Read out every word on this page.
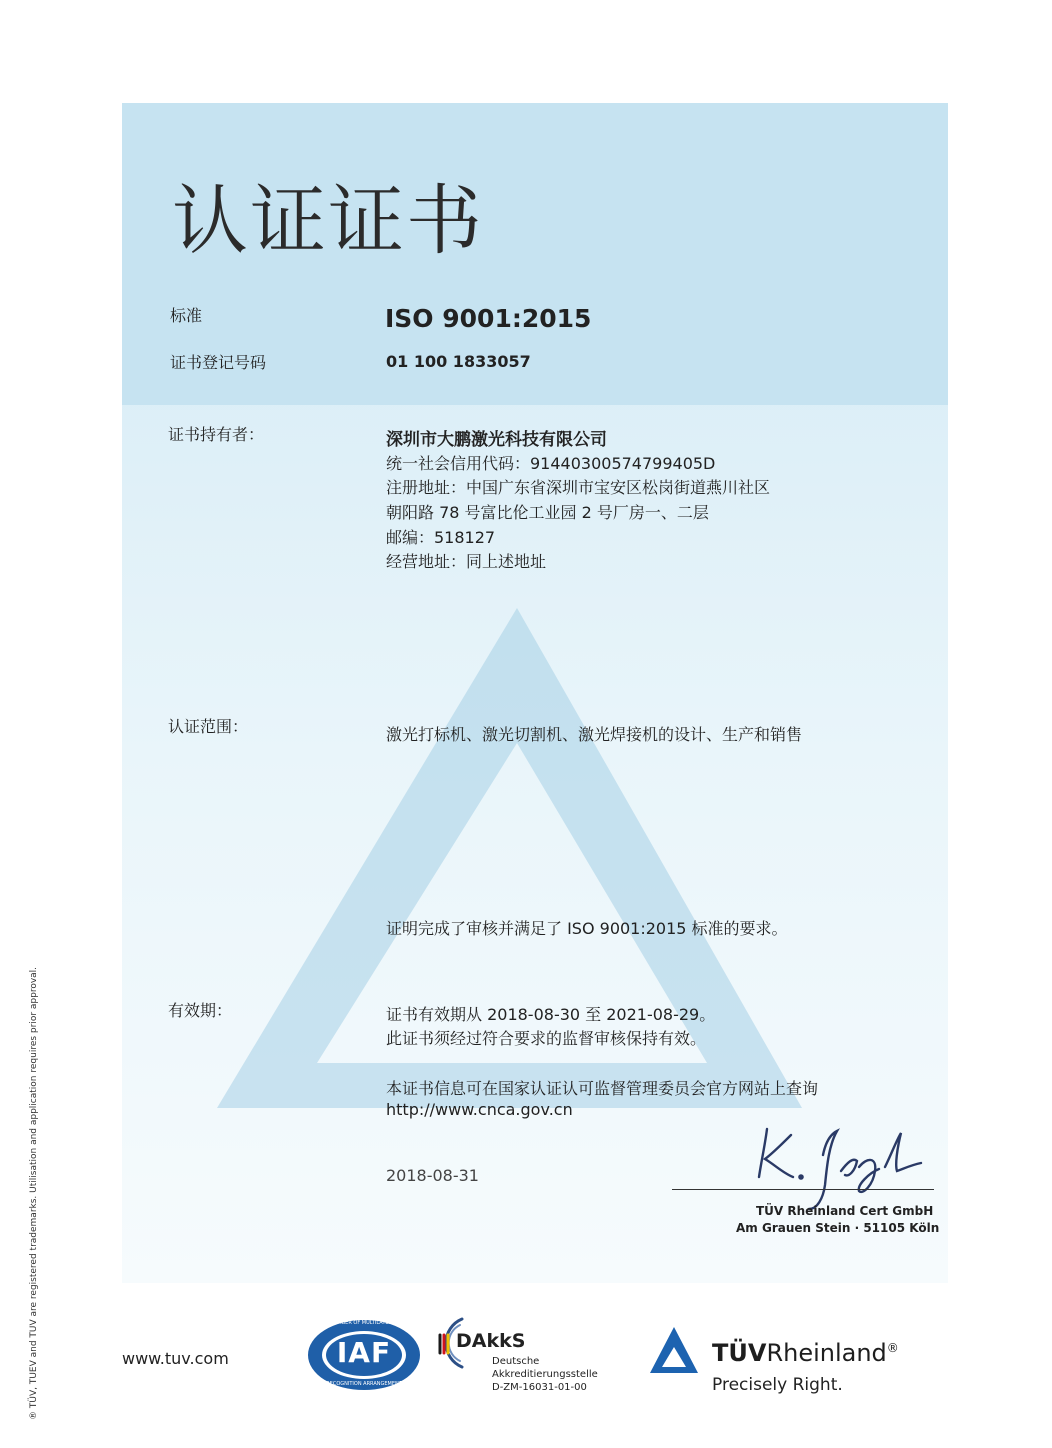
认证证书
标准	ISO 9001:2015
证书登记号码	01 100 1833057
证书持有者：	深圳市大鹏激光科技有限公司
统一社会信用代码：91440300574799405D
注册地址：中国广东省深圳市宝安区松岗街道燕川社区
朝阳路 78 号富比伦工业园 2 号厂房一、二层
邮编：518127
经营地址：同上述地址
认证范围：	激光打标机、激光切割机、激光焊接机的设计、生产和销售
证明完成了审核并满足了 ISO 9001:2015 标准的要求。
有效期：	证书有效期从 2018-08-30 至 2021-08-29。
此证书须经过符合要求的监督审核保持有效。
本证书信息可在国家认证认可监督管理委员会官方网站上查询
http://www.cnca.gov.cn
2018-08-31
TÜV Rheinland Cert GmbH
Am Grauen Stein · 51105 Köln
® TÜV, TUEV and TUV are registered trademarks. Utilisation and application requires prior approval.	www.tuv.com	IAF
MEMBER OF MULTILATERAL
RECOGNITION ARRANGEMENT
DAkkS
Deutsche
Akkreditierungsstelle
D-ZM-16031-01-00
TÜVRheinland®
Precisely Right.
